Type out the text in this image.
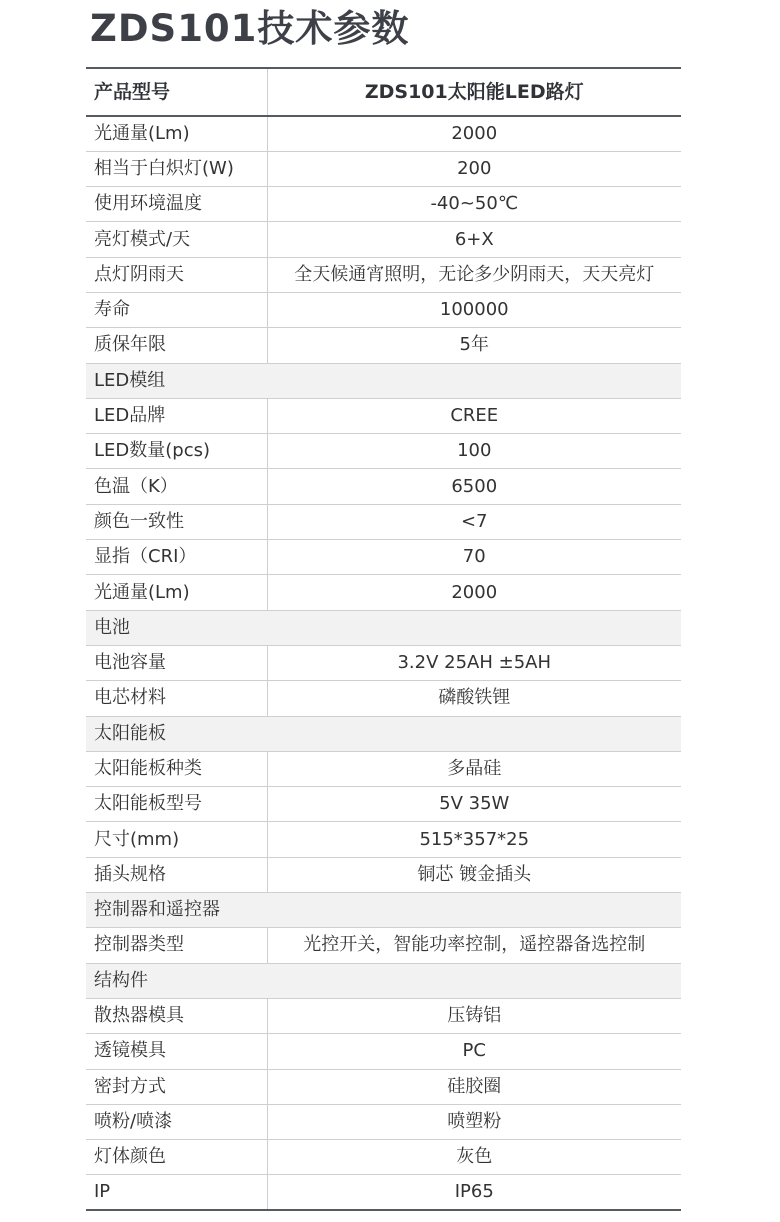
ZDS101技术参数
产品型号	ZDS101太阳能LED路灯
光通量(Lm)	2000
相当于白炽灯(W)	200
使用环境温度	-40~50℃
亮灯模式/天	6+X
点灯阴雨天	全天候通宵照明，无论多少阴雨天，天天亮灯
寿命	100000
质保年限	5年
LED模组	
LED品牌	CREE
LED数量(pcs)	100
色温（K）	6500
颜色一致性	<7
显指（CRI）	70
光通量(Lm)	2000
电池	
电池容量	3.2V 25AH ±5AH
电芯材料	磷酸铁锂
太阳能板	
太阳能板种类	多晶硅
太阳能板型号	5V 35W
尺寸(mm)	515*357*25
插头规格	铜芯 镀金插头
控制器和遥控器	
控制器类型	光控开关，智能功率控制，遥控器备选控制
结构件	
散热器模具	压铸铝
透镜模具	PC
密封方式	硅胶圈
喷粉/喷漆	喷塑粉
灯体颜色	灰色
IP	IP65
